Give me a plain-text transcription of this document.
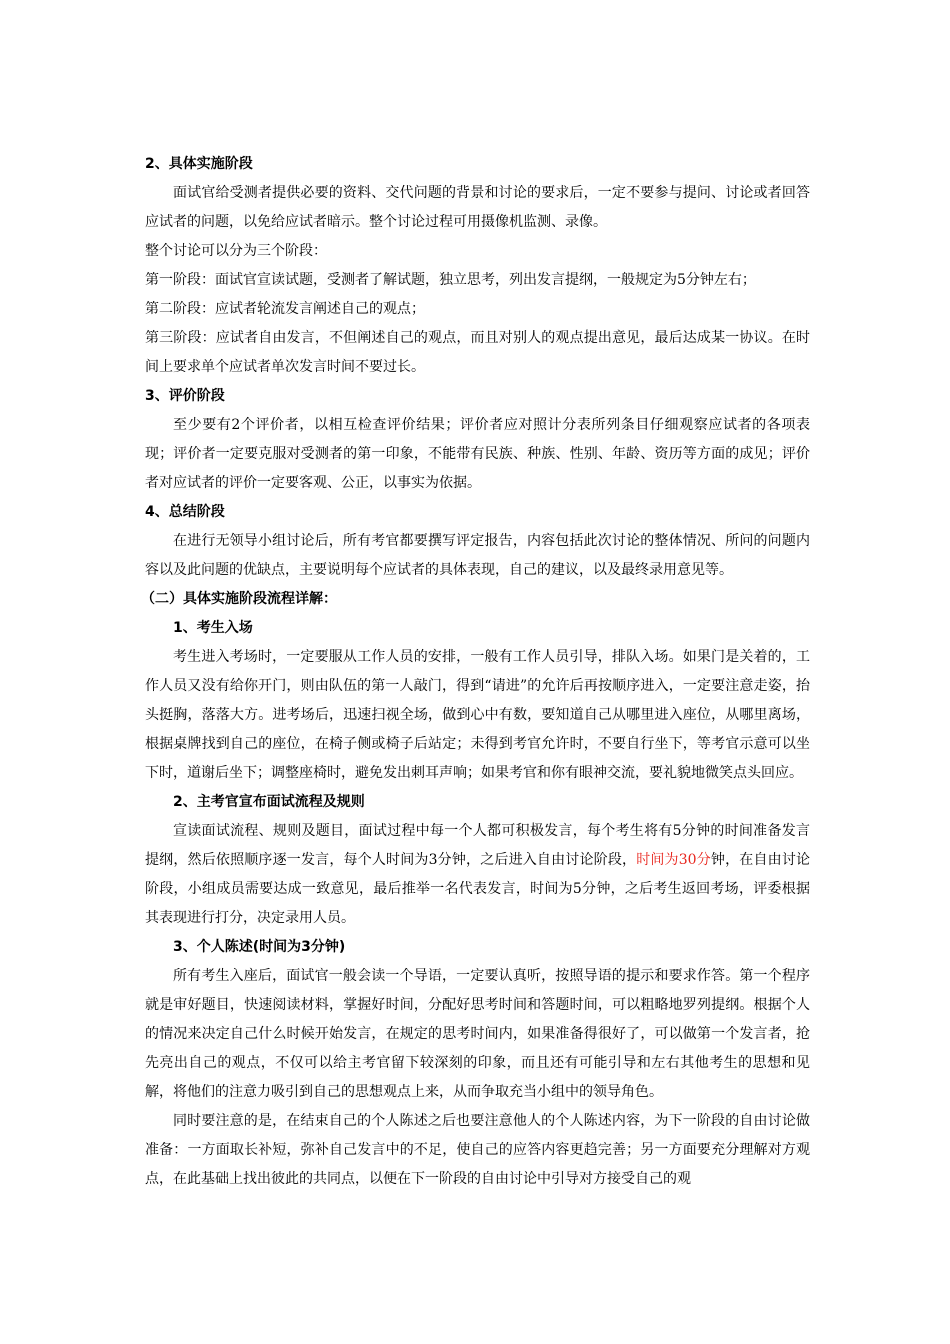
2、具体实施阶段

面试官给受测者提供必要的资料、交代问题的背景和讨论的要求后，一定不要参与提问、讨论或者回答应试者的问题，以免给应试者暗示。整个讨论过程可用摄像机监测、录像。

整个讨论可以分为三个阶段：

第一阶段：面试官宣读试题，受测者了解试题，独立思考，列出发言提纲，一般规定为5分钟左右；

第二阶段：应试者轮流发言阐述自己的观点；

第三阶段：应试者自由发言，不但阐述自己的观点，而且对别人的观点提出意见，最后达成某一协议。在时间上要求单个应试者单次发言时间不要过长。

3、评价阶段

至少要有2个评价者，以相互检查评价结果；评价者应对照计分表所列条目仔细观察应试者的各项表现；评价者一定要克服对受测者的第一印象，不能带有民族、种族、性别、年龄、资历等方面的成见；评价者对应试者的评价一定要客观、公正，以事实为依据。

4、总结阶段

在进行无领导小组讨论后，所有考官都要撰写评定报告，内容包括此次讨论的整体情况、所问的问题内容以及此问题的优缺点，主要说明每个应试者的具体表现，自己的建议，以及最终录用意见等。

（二）具体实施阶段流程详解：
1、考生入场

考生进入考场时，一定要服从工作人员的安排，一般有工作人员引导，排队入场。如果门是关着的，工作人员又没有给你开门，则由队伍的第一人敲门，得到“请进”的允许后再按顺序进入，一定要注意走姿，抬头挺胸，落落大方。进考场后，迅速扫视全场，做到心中有数，要知道自己从哪里进入座位，从哪里离场，根据桌牌找到自己的座位，在椅子侧或椅子后站定；未得到考官允许时，不要自行坐下，等考官示意可以坐下时，道谢后坐下；调整座椅时，避免发出刺耳声响；如果考官和你有眼神交流，要礼貌地微笑点头回应。

2、主考官宣布面试流程及规则

宣读面试流程、规则及题目，面试过程中每一个人都可积极发言，每个考生将有5分钟的时间准备发言提纲，然后依照顺序逐一发言，每个人时间为3分钟，之后进入自由讨论阶段，时间为30分钟，在自由讨论阶段，小组成员需要达成一致意见，最后推举一名代表发言，时间为5分钟，之后考生返回考场，评委根据其表现进行打分，决定录用人员。

3、个人陈述(时间为3分钟)

所有考生入座后，面试官一般会读一个导语，一定要认真听，按照导语的提示和要求作答。第一个程序就是审好题目，快速阅读材料，掌握好时间，分配好思考时间和答题时间，可以粗略地罗列提纲。根据个人的情况来决定自己什么时候开始发言，在规定的思考时间内，如果准备得很好了，可以做第一个发言者，抢先亮出自己的观点，不仅可以给主考官留下较深刻的印象，而且还有可能引导和左右其他考生的思想和见解，将他们的注意力吸引到自己的思想观点上来，从而争取充当小组中的领导角色。

同时要注意的是，在结束自己的个人陈述之后也要注意他人的个人陈述内容，为下一阶段的自由讨论做准备：一方面取长补短，弥补自己发言中的不足，使自己的应答内容更趋完善；另一方面要充分理解对方观点，在此基础上找出彼此的共同点，以便在下一阶段的自由讨论中引导对方接受自己的观
